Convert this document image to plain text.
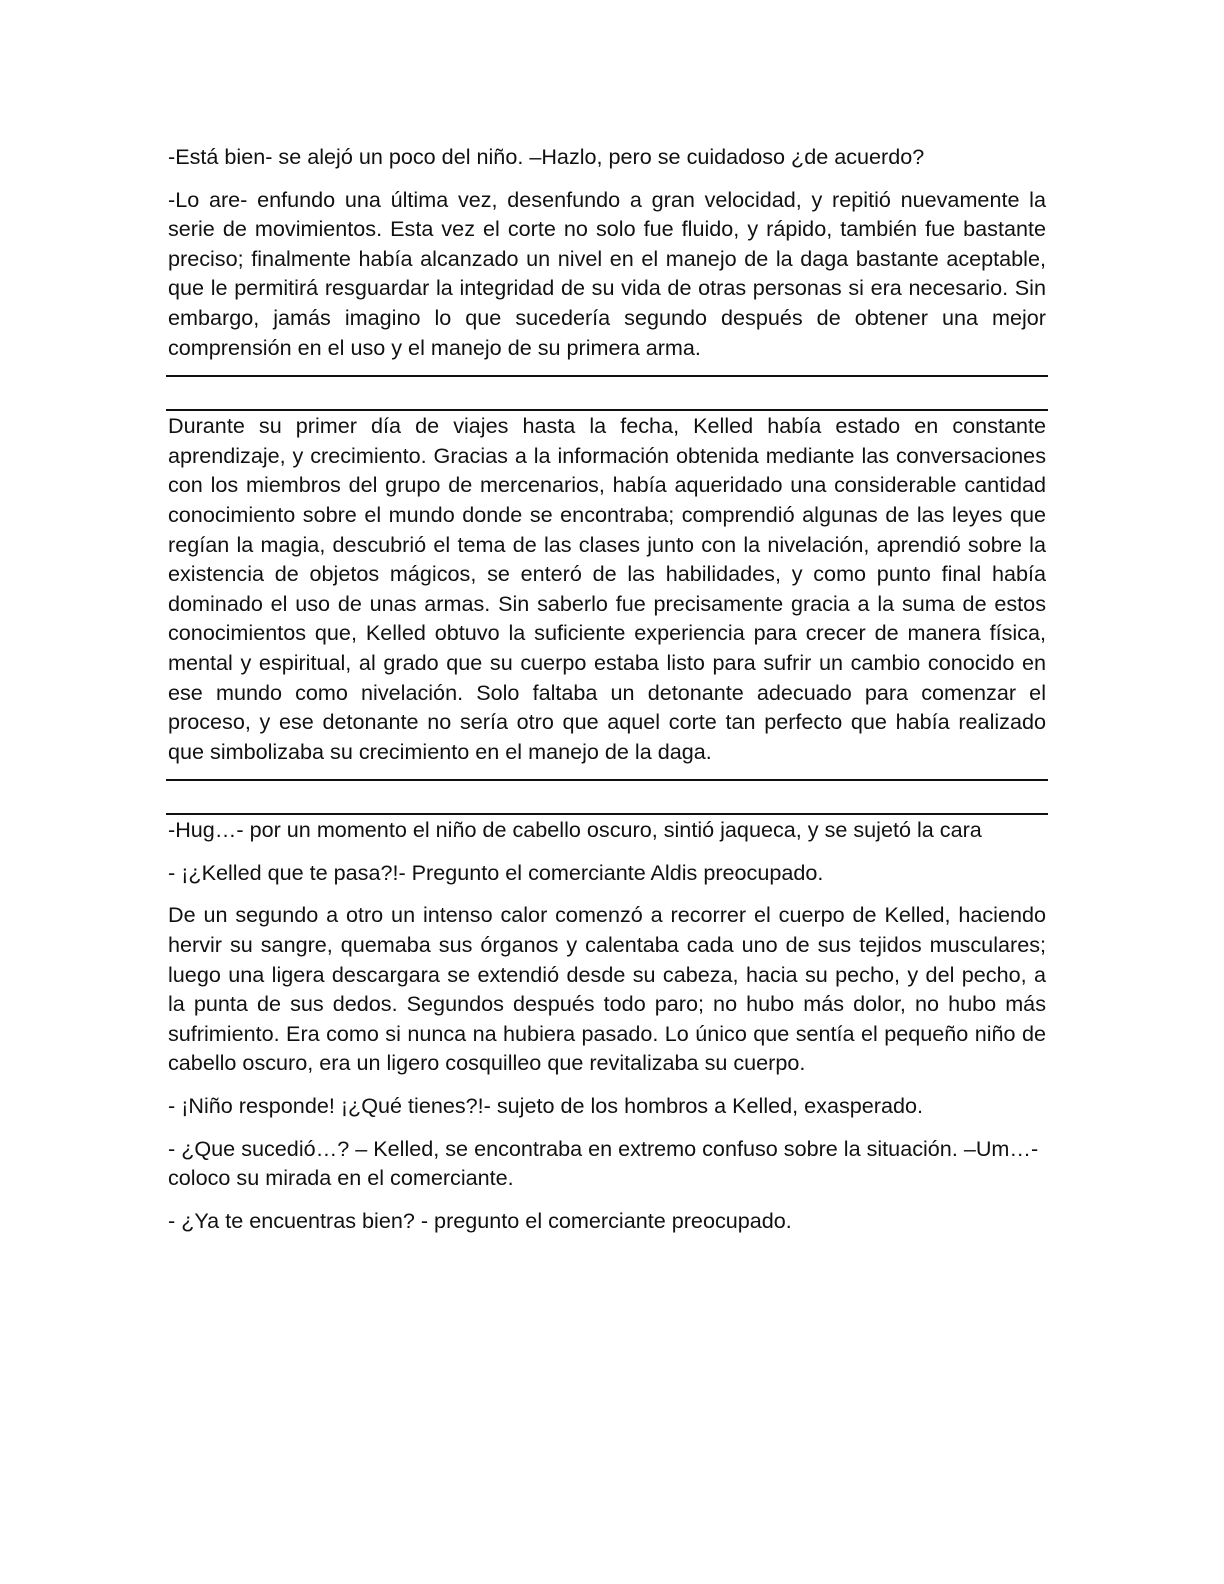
-Está bien- se alejó un poco del niño. –Hazlo, pero se cuidadoso ¿de acuerdo?

-Lo are- enfundo una última vez, desenfundo a gran velocidad, y repitió nuevamente la serie de movimientos. Esta vez el corte no solo fue fluido, y rápido, también fue bastante preciso; finalmente había alcanzado un nivel en el manejo de la daga bastante aceptable, que le permitirá resguardar la integridad de su vida de otras personas si era necesario. Sin embargo, jamás imagino lo que sucedería segundo después de obtener una mejor comprensión en el uso y el manejo de su primera arma.

Durante su primer día de viajes hasta la fecha, Kelled había estado en constante aprendizaje, y crecimiento. Gracias a la información obtenida mediante las conversaciones con los miembros del grupo de mercenarios, había aqueridado una considerable cantidad conocimiento sobre el mundo donde se encontraba; comprendió algunas de las leyes que regían la magia, descubrió el tema de las clases junto con la nivelación, aprendió sobre la existencia de objetos mágicos, se enteró de las habilidades, y como punto final había dominado el uso de unas armas. Sin saberlo fue precisamente gracia a la suma de estos conocimientos que, Kelled obtuvo la suficiente experiencia para crecer de manera física, mental y espiritual, al grado que su cuerpo estaba listo para sufrir un cambio conocido en ese mundo como nivelación. Solo faltaba un detonante adecuado para comenzar el proceso, y ese detonante no sería otro que aquel corte tan perfecto que había realizado que simbolizaba su crecimiento en el manejo de la daga.

-Hug…- por un momento el niño de cabello oscuro, sintió jaqueca, y se sujetó la cara

- ¡¿Kelled que te pasa?!- Pregunto el comerciante Aldis preocupado.

De un segundo a otro un intenso calor comenzó a recorrer el cuerpo de Kelled, haciendo hervir su sangre, quemaba sus órganos y calentaba cada uno de sus tejidos musculares; luego una ligera descargara se extendió desde su cabeza, hacia su pecho, y del pecho, a la punta de sus dedos. Segundos después todo paro; no hubo más dolor, no hubo más sufrimiento. Era como si nunca na hubiera pasado. Lo único que sentía el pequeño niño de cabello oscuro, era un ligero cosquilleo que revitalizaba su cuerpo.

- ¡Niño responde! ¡¿Qué tienes?!- sujeto de los hombros a Kelled, exasperado.

- ¿Que sucedió…? – Kelled, se encontraba en extremo confuso sobre la situación. –Um…- coloco su mirada en el comerciante.

- ¿Ya te encuentras bien? - pregunto el comerciante preocupado.
